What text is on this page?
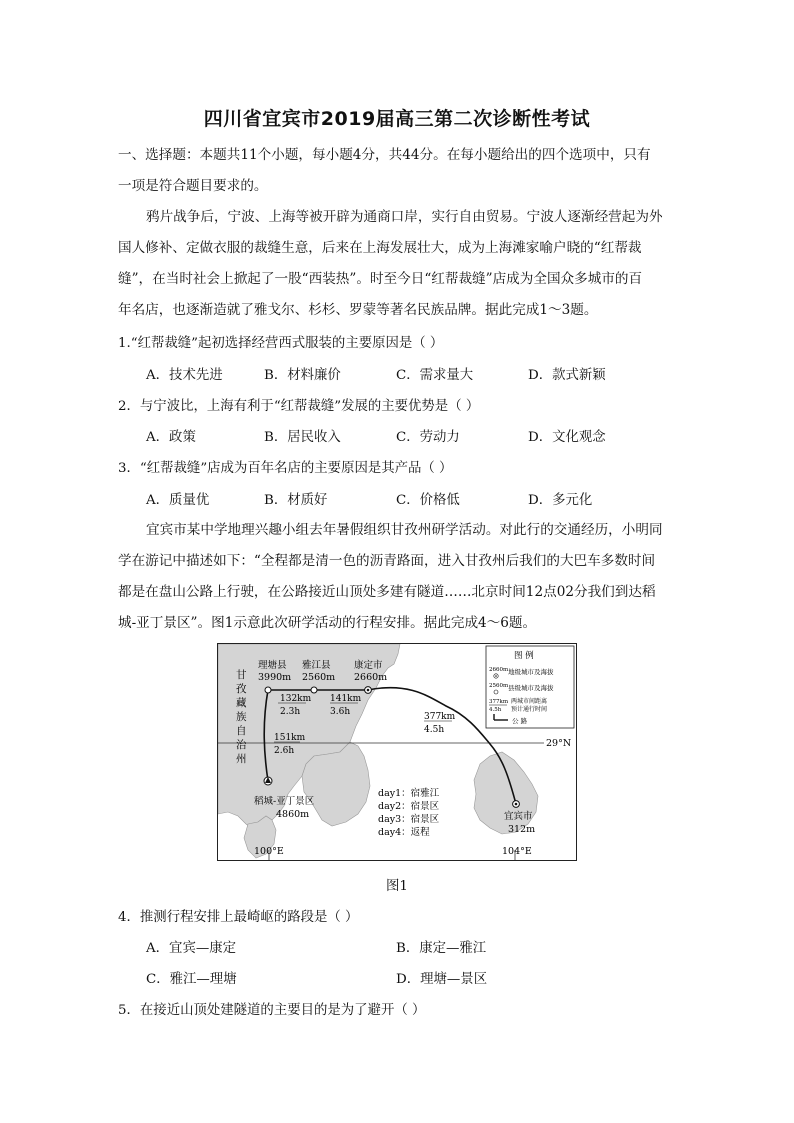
四川省宜宾市2019届高三第二次诊断性考试
一、选择题：本题共11个小题，每小题4分，共44分。在每小题给出的四个选项中，只有
一项是符合题目要求的。
鸦片战争后，宁波、上海等被开辟为通商口岸，实行自由贸易。宁波人逐渐经营起为外
国人修补、定做衣服的裁缝生意，后来在上海发展壮大，成为上海滩家喻户晓的“红帮裁
缝”，在当时社会上掀起了一股“西装热”。时至今日“红帮裁缝”店成为全国众多城市的百
年名店，也逐渐造就了雅戈尔、杉杉、罗蒙等著名民族品牌。据此完成1～3题。
1.“红帮裁缝”起初选择经营西式服装的主要原因是（ ）
A．技术先进	B．材料廉价	C．需求量大	D．款式新颖
2．与宁波比，上海有利于“红帮裁缝”发展的主要优势是（ ）
A．政策	B．居民收入	C．劳动力	D．文化观念
3．“红帮裁缝”店成为百年名店的主要原因是其产品（ ）
A．质量优	B．材质好	C．价格低	D．多元化
宜宾市某中学地理兴趣小组去年暑假组织甘孜州研学活动。对此行的交通经历，小明同
学在游记中描述如下：“全程都是清一色的沥青路面，进入甘孜州后我们的大巴车多数时间
都是在盘山公路上行驶，在公路接近山顶处多建有隧道……北京时间12点02分我们到达稻
城-亚丁景区”。图1示意此次研学活动的行程安排。据此完成4～6题。
29°N
100°E	104°E
132km
2.3h
141km
3.6h	377km
4.5h
151km
2.6h
理塘县
3990m
雅江县
2560m
康定市
2660m
稻城-亚丁景区
4860m	宜宾市
312m
甘
孜
藏
族
自
治
州
day1：宿雅江
day2：宿景区
day3：宿景区
day4：返程
图 例
2660m 地级城市及海拔
2560m 县级城市及海拔
377km
4.5h
两城市间距离
预计通行时间
公 路
图1
4．推测行程安排上最崎岖的路段是（ ）
A．宜宾—康定	B．康定—雅江
C．雅江—理塘	D．理塘—景区
5．在接近山顶处建隧道的主要目的是为了避开（ ）
